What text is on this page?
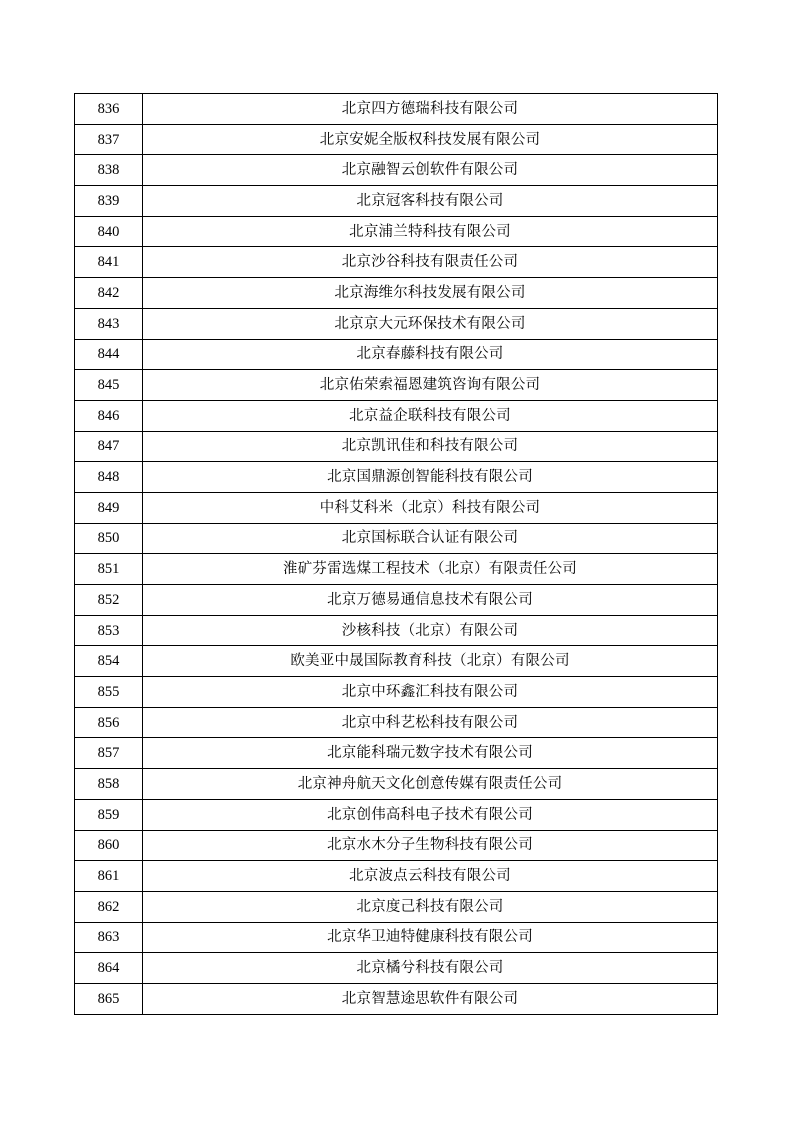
836	北京四方德瑞科技有限公司
837	北京安妮全版权科技发展有限公司
838	北京融智云创软件有限公司
839	北京冠客科技有限公司
840	北京浦兰特科技有限公司
841	北京沙谷科技有限责任公司
842	北京海维尔科技发展有限公司
843	北京京大元环保技术有限公司
844	北京春藤科技有限公司
845	北京佑荣索福恩建筑咨询有限公司
846	北京益企联科技有限公司
847	北京凯讯佳和科技有限公司
848	北京国鼎源创智能科技有限公司
849	中科艾科米（北京）科技有限公司
850	北京国标联合认证有限公司
851	淮矿芬雷选煤工程技术（北京）有限责任公司
852	北京万德易通信息技术有限公司
853	沙核科技（北京）有限公司
854	欧美亚中晟国际教育科技（北京）有限公司
855	北京中环鑫汇科技有限公司
856	北京中科艺松科技有限公司
857	北京能科瑞元数字技术有限公司
858	北京神舟航天文化创意传媒有限责任公司
859	北京创伟高科电子技术有限公司
860	北京水木分子生物科技有限公司
861	北京波点云科技有限公司
862	北京度己科技有限公司
863	北京华卫迪特健康科技有限公司
864	北京橘兮科技有限公司
865	北京智慧途思软件有限公司
